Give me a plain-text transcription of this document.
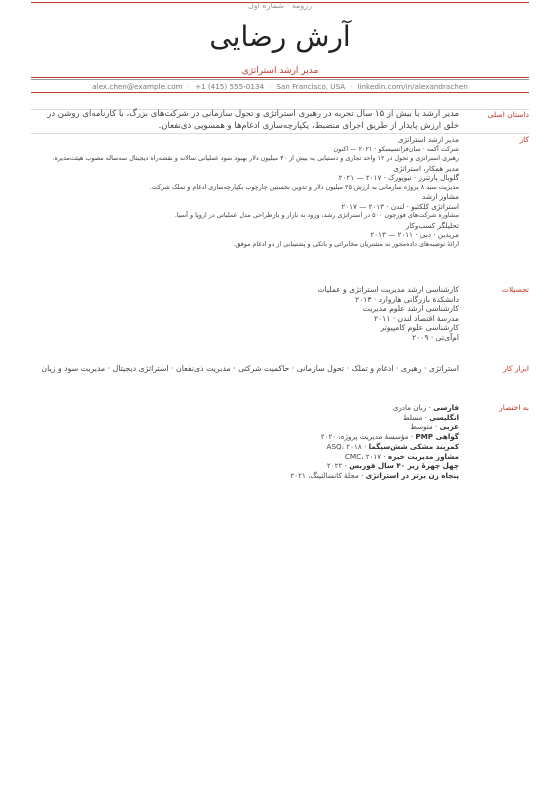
رزومه · شماره اول
آرش رضایی
مدیر ارشد استراتژی
alex.chen@example.com · +1 (415) 555-0134 · San Francisco, USA · linkedin.com/in/alexandrachen
داستان اصلی
مدیر ارشد با بیش از ۱۵ سال تجربه در رهبری استراتژی و تحول سازمانی در شرکت‌های بزرگ، با کارنامه‌ای روشن در خلق ارزش پایدار از طریق اجرای منضبط، یکپارچه‌سازی ادغام‌ها و همسویی ذی‌نفعان.
کار
مدیر ارشد استراتژی
شرکت آکمه · سان‌فرانسیسکو · ۲۰۲۱ — اکنون
رهبری استراتژی و تحول در ۱۲ واحد تجاری و دستیابی به بیش از ۴۰ میلیون دلار بهبود سود عملیاتی سالانه و نقشه‌راه دیجیتال سه‌ساله مصوب هیئت‌مدیره.
مدیر همکار، استراتژی
گلوبال پارتنرز · نیویورک · ۲۰۱۷ — ۲۰۲۱
مدیریت سبد ۸ پروژه سازمانی به ارزش ۲۵ میلیون دلار و تدوین نخستین چارچوب یکپارچه‌سازی ادغام و تملک شرکت.
مشاور ارشد
استراتژی کلکتیو · لندن · ۲۰۱۳ — ۲۰۱۷
مشاوره شرکت‌های فورچون ۵۰۰ در استراتژی رشد، ورود به بازار و بازطراحی مدل عملیاتی در اروپا و آسیا.
تحلیلگر کسب‌وکار
مریدین · دبی · ۲۰۱۱ — ۲۰۱۳
ارائهٔ توصیه‌های داده‌محور به مشتریان مخابراتی و بانکی و پشتیبانی از دو ادغام موفق.
تحصیلات
کارشناسی ارشد مدیریت استراتژی و عملیات
دانشکدهٔ بازرگانی هاروارد · ۲۰۱۳
کارشناسی ارشد علوم مدیریت
مدرسهٔ اقتصاد لندن · ۲۰۱۱
کارشناسی علوم کامپیوتر
ام‌آی‌تی · ۲۰۰۹
ابزار کار
استراتژی · رهبری · ادغام و تملک · تحول سازمانی · حاکمیت شرکتی · مدیریت ذی‌نفعان · استراتژی دیجیتال · مدیریت سود و زیان
به اختصار
فارسی · زبان مادری
انگلیسی · مسلط
عربی · متوسط
گواهی PMP · مؤسسهٔ مدیریت پروژه، ۲۰۲۰
کمربند مشکی شش‌سیگما · ASQ، ۲۰۱۸
مشاور مدیریت خبره · CMC، ۲۰۱۷
چهل چهرهٔ زیر ۴۰ سال فوربس · ۲۰۲۲
پنجاه زن برتر در استراتژی · مجلهٔ کانسالتینگ، ۲۰۲۱
